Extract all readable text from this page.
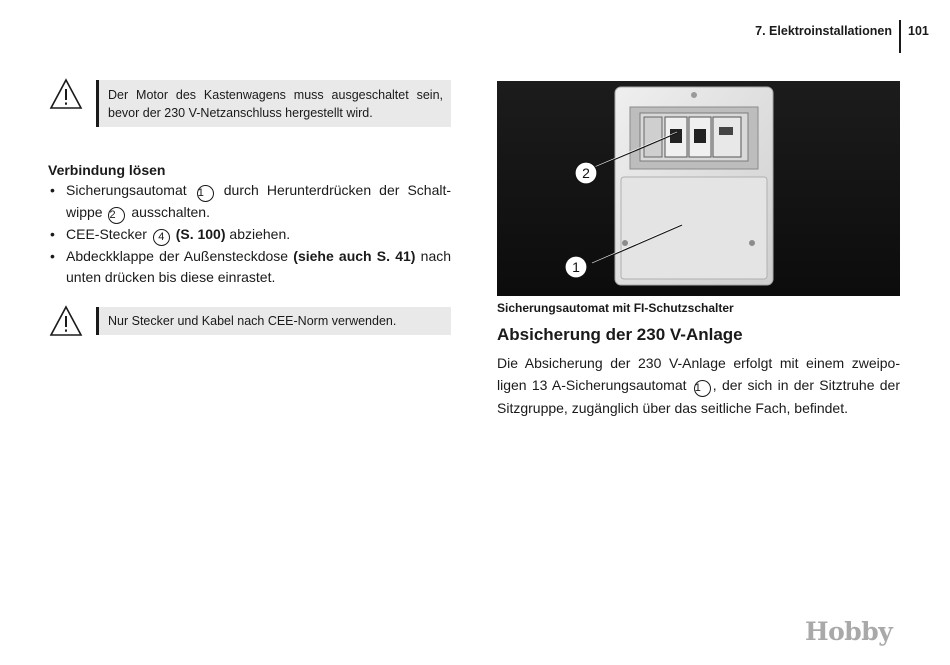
7. Elektroinstallationen 101
Der Motor des Kastenwagens muss ausgeschaltet sein, bevor der 230 V-Netzanschluss hergestellt wird.
Verbindung lösen
• Sicherungsautomat 1 durch Herunterdrücken der Schalt-wippe 2 ausschalten.
• CEE-Stecker 4 (S. 100) abziehen.
• Abdeckklappe der Außensteckdose (siehe auch S. 41) nach unten drücken bis diese einrastet.
Nur Stecker und Kabel nach CEE-Norm verwenden.
2
1
Sicherungsautomat mit FI-Schutzschalter
Absicherung der 230 V-Anlage
Die Absicherung der 230 V-Anlage erfolgt mit einem zweipo-ligen 13 A-Sicherungsautomat 1 , der sich in der Sitztruhe der Sitzgruppe, zugänglich über das seitliche Fach, befindet.
Hobby
